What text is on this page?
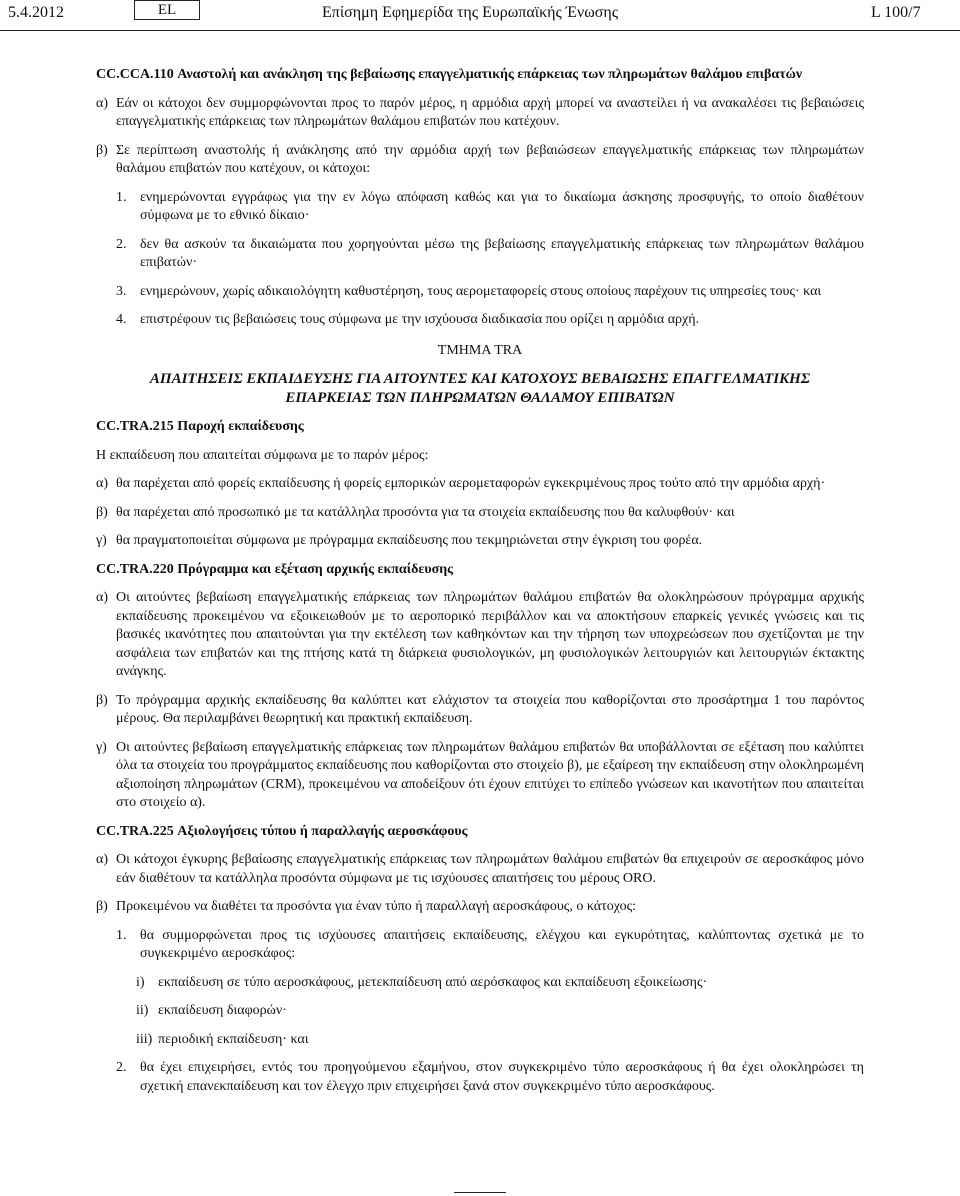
5.4.2012	EL	Επίσημη Εφημερίδα της Ευρωπαϊκής Ένωσης	L 100/7

CC.CCA.110 Αναστολή και ανάκληση της βεβαίωσης επαγγελματικής επάρκειας των πληρωμάτων θαλάμου επιβατών

α) Εάν οι κάτοχοι δεν συμμορφώνονται προς το παρόν μέρος, η αρμόδια αρχή μπορεί να αναστείλει ή να ανακαλέσει τις βεβαιώσεις επαγγελματικής επάρκειας των πληρωμάτων θαλάμου επιβατών που κατέχουν.
β) Σε περίπτωση αναστολής ή ανάκλησης από την αρμόδια αρχή των βεβαιώσεων επαγγελματικής επάρκειας των πληρωμάτων θαλάμου επιβατών που κατέχουν, οι κάτοχοι:
1. ενημερώνονται εγγράφως για την εν λόγω απόφαση καθώς και για το δικαίωμα άσκησης προσφυγής, το οποίο διαθέτουν σύμφωνα με το εθνικό δίκαιο·
2. δεν θα ασκούν τα δικαιώματα που χορηγούνται μέσω της βεβαίωσης επαγγελματικής επάρκειας των πληρωμάτων θαλάμου επιβατών·
3. ενημερώνουν, χωρίς αδικαιολόγητη καθυστέρηση, τους αερομεταφορείς στους οποίους παρέχουν τις υπηρεσίες τους· και
4. επιστρέφουν τις βεβαιώσεις τους σύμφωνα με την ισχύουσα διαδικασία που ορίζει η αρμόδια αρχή.

ΤΜΗΜΑ TRA

ΑΠΑΙΤΗΣΕΙΣ ΕΚΠΑΙΔΕΥΣΗΣ ΓΙΑ ΑΙΤΟΥΝΤΕΣ ΚΑΙ ΚΑΤΟΧΟΥΣ ΒΕΒΑΙΩΣΗΣ ΕΠΑΓΓΕΛΜΑΤΙΚΗΣ

ΕΠΑΡΚΕΙΑΣ ΤΩΝ ΠΛΗΡΩΜΑΤΩΝ ΘΑΛΑΜΟΥ ΕΠΙΒΑΤΩΝ

CC.TRA.215 Παροχή εκπαίδευσης

Η εκπαίδευση που απαιτείται σύμφωνα με το παρόν μέρος:

α) θα παρέχεται από φορείς εκπαίδευσης ή φορείς εμπορικών αερομεταφορών εγκεκριμένους προς τούτο από την αρμόδια αρχή·
β) θα παρέχεται από προσωπικό με τα κατάλληλα προσόντα για τα στοιχεία εκπαίδευσης που θα καλυφθούν· και
γ) θα πραγματοποιείται σύμφωνα με πρόγραμμα εκπαίδευσης που τεκμηριώνεται στην έγκριση του φορέα.

CC.TRA.220 Πρόγραμμα και εξέταση αρχικής εκπαίδευσης

α) Οι αιτούντες βεβαίωση επαγγελματικής επάρκειας των πληρωμάτων θαλάμου επιβατών θα ολοκληρώσουν πρόγραμμα αρχικής εκπαίδευσης προκειμένου να εξοικειωθούν με το αεροπορικό περιβάλλον και να αποκτήσουν επαρκείς γενικές γνώσεις και τις βασικές ικανότητες που απαιτούνται για την εκτέλεση των καθηκόντων και την τήρηση των υποχρεώσεων που σχετίζονται με την ασφάλεια των επιβατών και της πτήσης κατά τη διάρκεια φυσιολογικών, μη φυσιολογικών λειτουργιών και λειτουργιών έκτακτης ανάγκης.
β) Το πρόγραμμα αρχικής εκπαίδευσης θα καλύπτει κατ ελάχιστον τα στοιχεία που καθορίζονται στο προσάρτημα 1 του παρόντος μέρους. Θα περιλαμβάνει θεωρητική και πρακτική εκπαίδευση.
γ) Οι αιτούντες βεβαίωση επαγγελματικής επάρκειας των πληρωμάτων θαλάμου επιβατών θα υποβάλλονται σε εξέταση που καλύπτει όλα τα στοιχεία του προγράμματος εκπαίδευσης που καθορίζονται στο στοιχείο β), με εξαίρεση την εκπαίδευση στην ολοκληρωμένη αξιοποίηση πληρωμάτων (CRM), προκειμένου να αποδείξουν ότι έχουν επιτύχει το επίπεδο γνώσεων και ικανοτήτων που απαιτείται στο στοιχείο α).

CC.TRA.225 Αξιολογήσεις τύπου ή παραλλαγής αεροσκάφους

α) Οι κάτοχοι έγκυρης βεβαίωσης επαγγελματικής επάρκειας των πληρωμάτων θαλάμου επιβατών θα επιχειρούν σε αεροσκάφος μόνο εάν διαθέτουν τα κατάλληλα προσόντα σύμφωνα με τις ισχύουσες απαιτήσεις του μέρους ORO.
β) Προκειμένου να διαθέτει τα προσόντα για έναν τύπο ή παραλλαγή αεροσκάφους, ο κάτοχος:
1. θα συμμορφώνεται προς τις ισχύουσες απαιτήσεις εκπαίδευσης, ελέγχου και εγκυρότητας, καλύπτοντας σχετικά με το συγκεκριμένο αεροσκάφος:
i) εκπαίδευση σε τύπο αεροσκάφους, μετεκπαίδευση από αερόσκαφος και εκπαίδευση εξοικείωσης·
ii) εκπαίδευση διαφορών·
iii) περιοδική εκπαίδευση· και
2. θα έχει επιχειρήσει, εντός του προηγούμενου εξαμήνου, στον συγκεκριμένο τύπο αεροσκάφους ή θα έχει ολοκληρώσει τη σχετική επανεκπαίδευση και τον έλεγχο πριν επιχειρήσει ξανά στον συγκεκριμένο τύπο αεροσκάφους.
